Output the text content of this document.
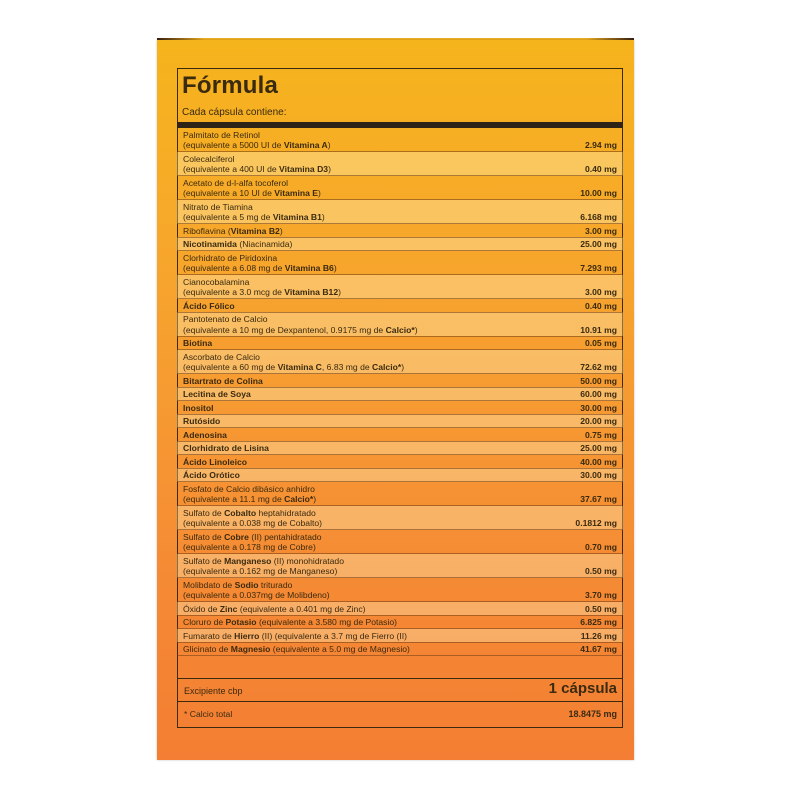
Fórmula
Cada cápsula contiene:
Palmitato de Retinol
(equivalente a 5000 UI de Vitamina A)	2.94 mg
Colecalciferol
(equivalente a 400 UI de Vitamina D3)	0.40 mg
Acetato de d-l-alfa tocoferol
(equivalente a 10 UI de Vitamina E)	10.00 mg
Nitrato de Tiamina
(equivalente a 5 mg de Vitamina B1)	6.168 mg
Riboflavina (Vitamina B2)	3.00 mg
Nicotinamida (Niacinamida)	25.00 mg
Clorhidrato de Piridoxina
(equivalente a 6.08 mg de Vitamina B6)	7.293 mg
Cianocobalamina
(equivalente a 3.0 mcg de Vitamina B12)	3.00 mg
Ácido Fólico	0.40 mg
Pantotenato de Calcio
(equivalente a 10 mg de Dexpantenol, 0.9175 mg de Calcio*)	10.91 mg
Biotina	0.05 mg
Ascorbato de Calcio
(equivalente a 60 mg de Vitamina C, 6.83 mg de Calcio*)	72.62 mg
Bitartrato de Colina	50.00 mg
Lecitina de Soya	60.00 mg
Inositol	30.00 mg
Rutósido	20.00 mg
Adenosina	0.75 mg
Clorhidrato de Lisina	25.00 mg
Ácido Linoleico	40.00 mg
Ácido Orótico	30.00 mg
Fosfato de Calcio dibásico anhidro
(equivalente a 11.1 mg de Calcio*)	37.67 mg
Sulfato de Cobalto heptahidratado
(equivalente a 0.038 mg de Cobalto)	0.1812 mg
Sulfato de Cobre (II) pentahidratado
(equivalente a 0.178 mg de Cobre)	0.70 mg
Sulfato de Manganeso (II) monohidratado
(equivalente a 0.162 mg de Manganeso)	0.50 mg
Molibdato de Sodio triturado
(equivalente a 0.037mg de Molibdeno)	3.70 mg
Óxido de Zinc (equivalente a 0.401 mg de Zinc)	0.50 mg
Cloruro de Potasio (equivalente a 3.580 mg de Potasio)	6.825 mg
Fumarato de Hierro (II) (equivalente a 3.7 mg de Fierro (II)	11.26 mg
Glicinato de Magnesio (equivalente a 5.0 mg de Magnesio)	41.67 mg
Excipiente cbp	1 cápsula
* Calcio total	18.8475 mg
